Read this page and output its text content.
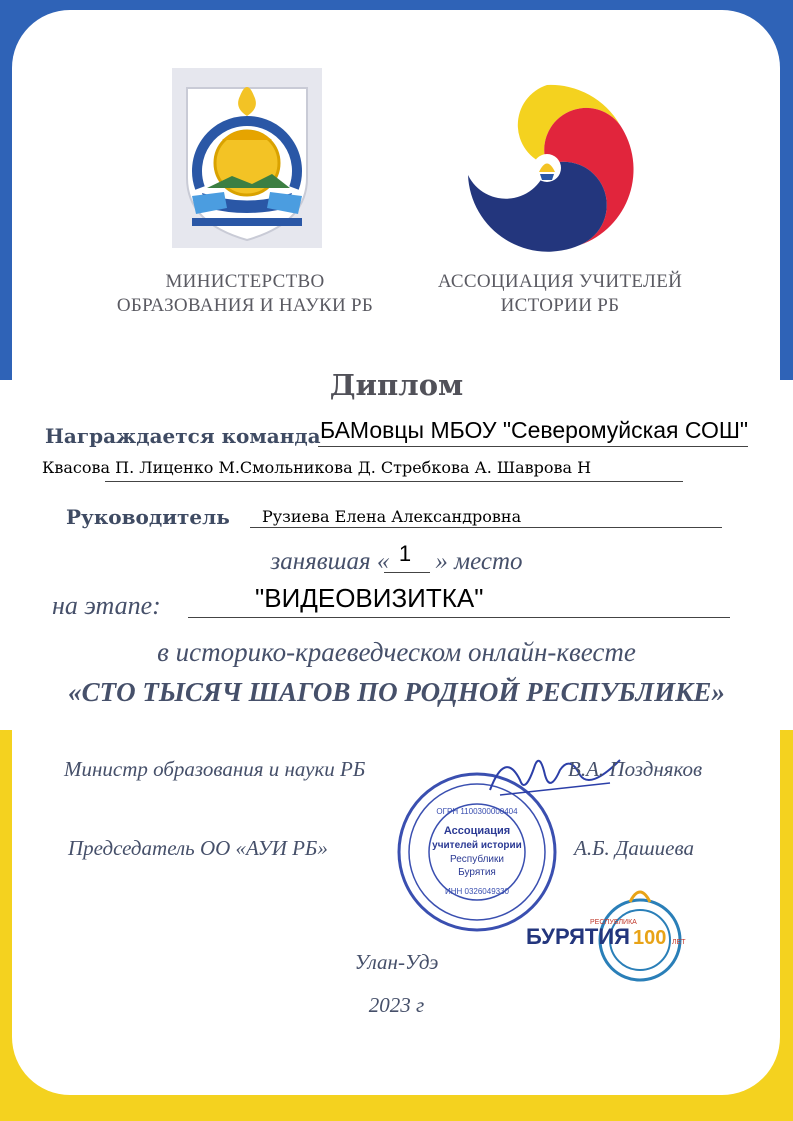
МИНИСТЕРСТВО
ОБРАЗОВАНИЯ И НАУКИ РБ
АССОЦИАЦИЯ УЧИТЕЛЕЙ
ИСТОРИИ РБ
Диплом
Награждается команда БАМовцы МБОУ "Северомуйская СОШ"
Квасова П. Лиценко М.Смольникова Д. Стребкова А. Шаврова Н
Руководитель Рузиева Елена Александровна
занявшая « » место
1
на этапе:	"ВИДЕОВИЗИТКА"
в историко-краеведческом онлайн-квесте
«СТО ТЫСЯЧ ШАГОВ ПО РОДНОЙ РЕСПУБЛИКЕ»
ОГРН 1100300000404
Ассоциация
учителей истории
Республики
Бурятия
ИНН 0326049330
Министр образования и науки РБ	В.А. Поздняков
Председатель ОО «АУИ РБ»	А.Б. Дашиева
РЕСПУБЛИКА
БУРЯТИЯ 100 ЛЕТ
Улан-Удэ
2023 г
